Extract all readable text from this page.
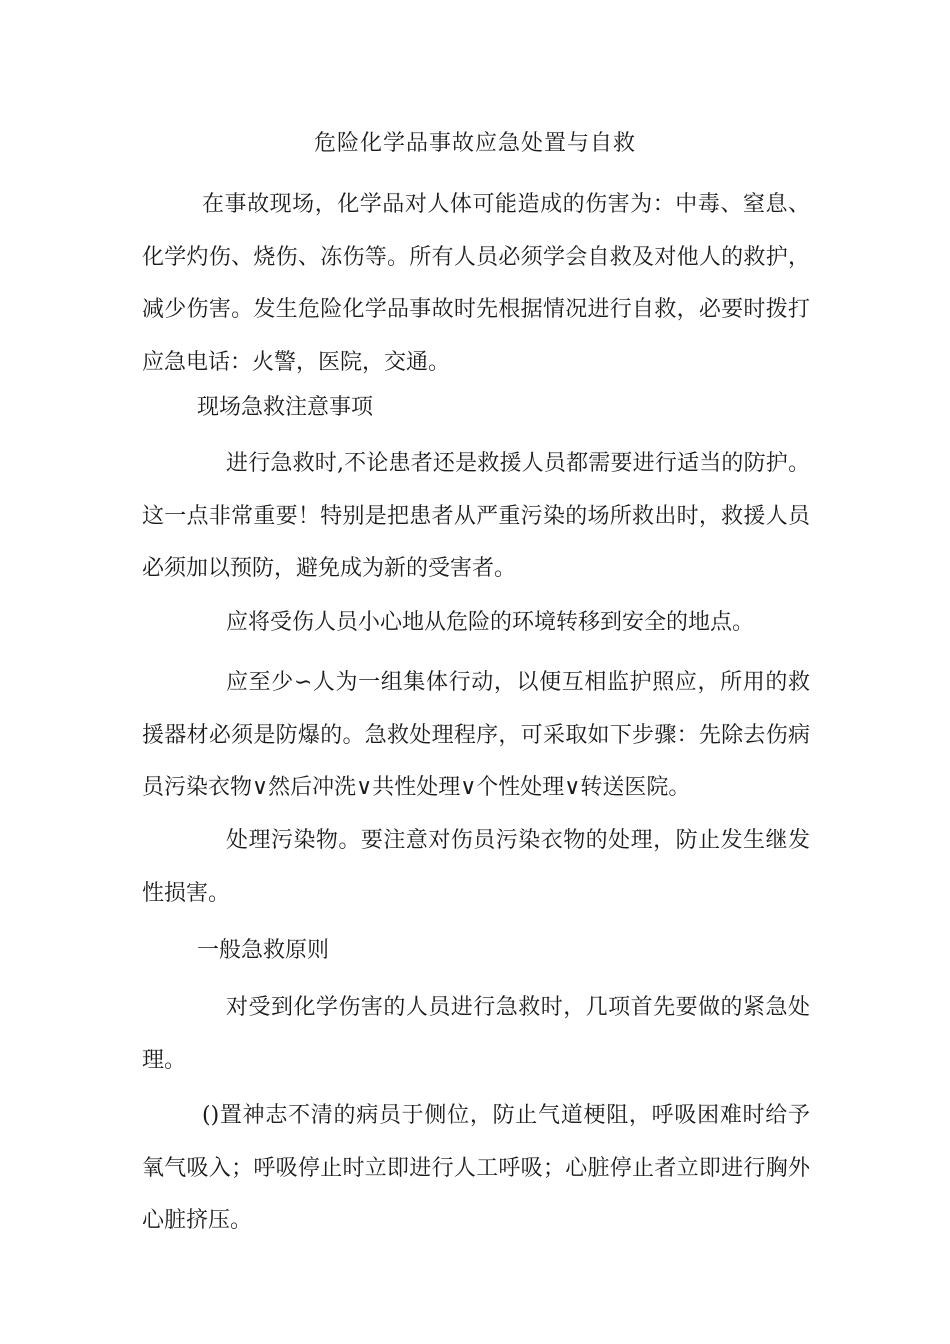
危险化学品事故应急处置与自救

在事故现场，化学品对人体可能造成的伤害为：中毒、窒息、化学灼伤、烧伤、冻伤等。所有人员必须学会自救及对他人的救护，减少伤害。发生危险化学品事故时先根据情况进行自救，必要时拨打应急电话：火警，医院，交通。

现场急救注意事项

进行急救时,不论患者还是救援人员都需要进行适当的防护。这一点非常重要！特别是把患者从严重污染的场所救出时，救援人员必须加以预防，避免成为新的受害者。

应将受伤人员小心地从危险的环境转移到安全的地点。

应至少∽人为一组集体行动，以便互相监护照应，所用的救援器材必须是防爆的。急救处理程序，可采取如下步骤：先除去伤病员污染衣物∨然后冲洗∨共性处理∨个性处理∨转送医院。

处理污染物。要注意对伤员污染衣物的处理，防止发生继发性损害。

一般急救原则

对受到化学伤害的人员进行急救时，几项首先要做的紧急处理。

()置神志不清的病员于侧位，防止气道梗阻，呼吸困难时给予氧气吸入；呼吸停止时立即进行人工呼吸；心脏停止者立即进行胸外心脏挤压。
